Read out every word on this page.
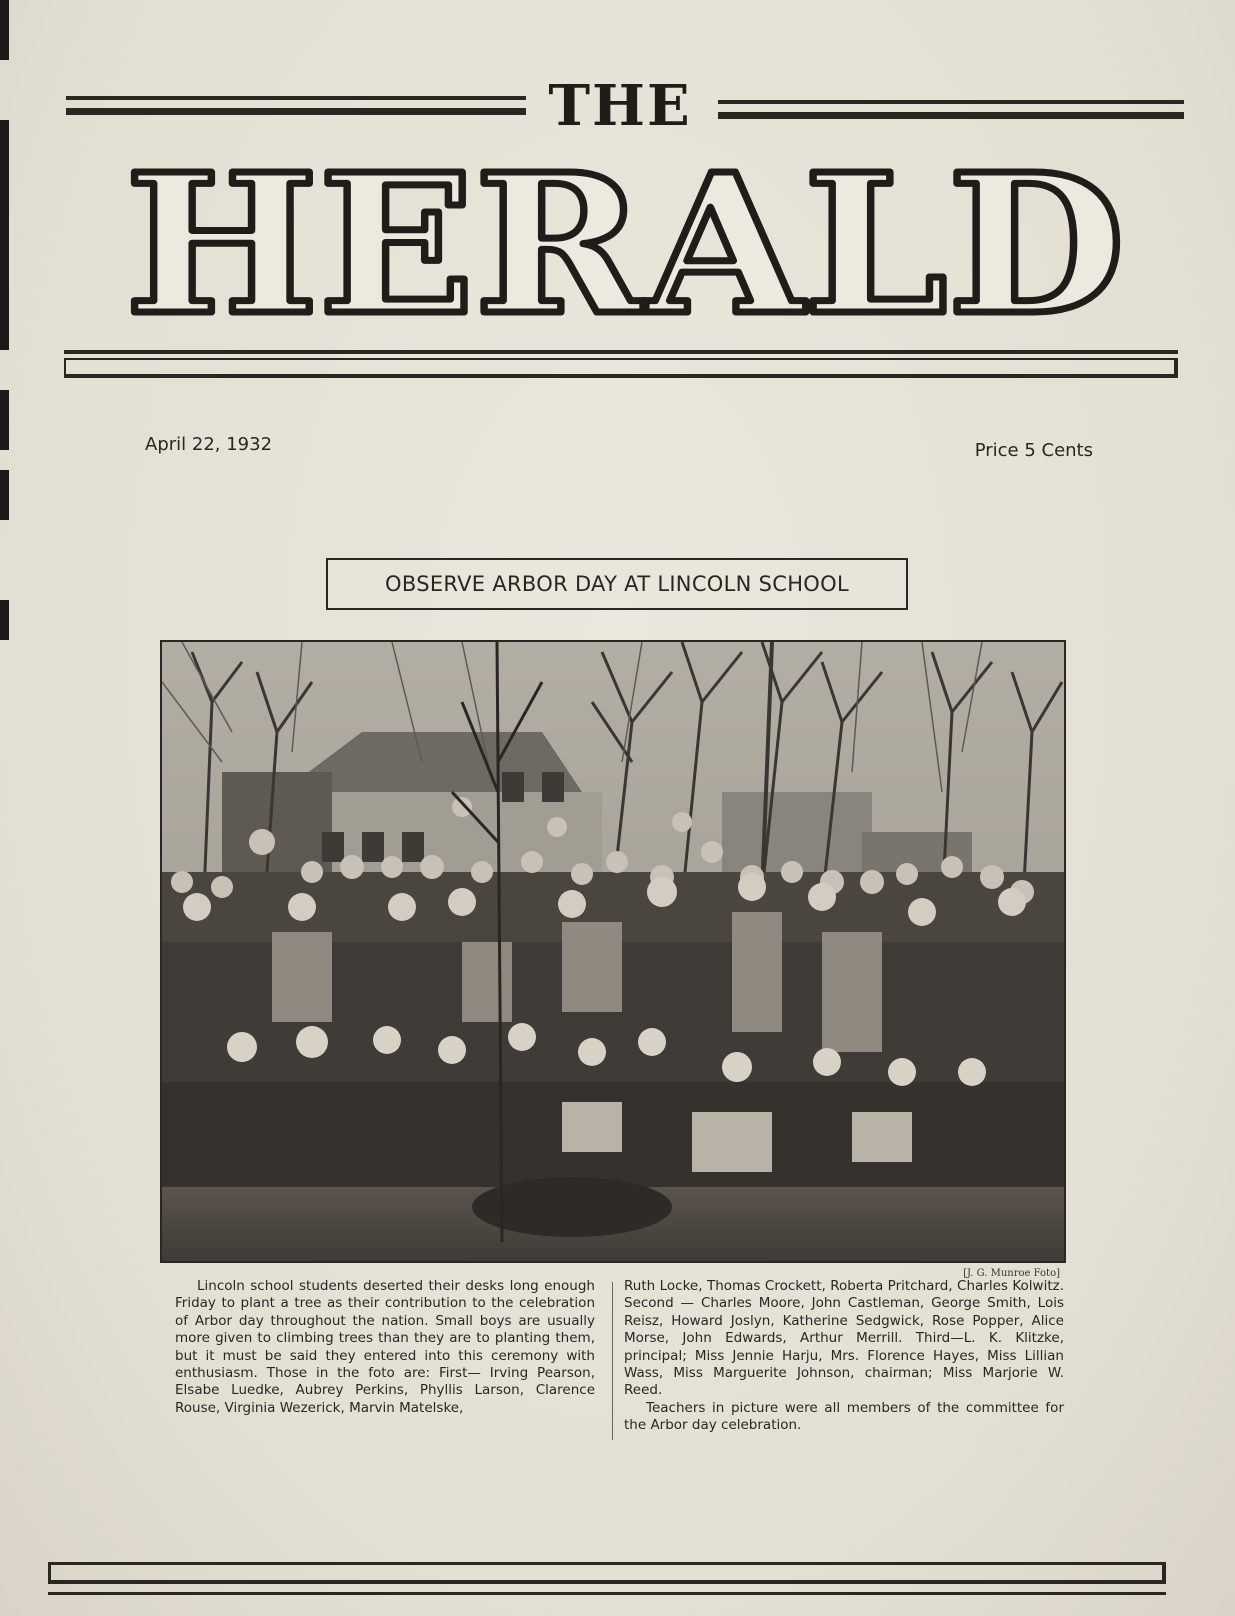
THE
HERALD
April 22, 1932	Price 5 Cents
OBSERVE ARBOR DAY AT LINCOLN SCHOOL
[J. G. Munroe Foto]

Lincoln school students deserted their desks long enough Friday to plant a tree as their contribution to the celebration of Arbor day throughout the nation. Small boys are usually more given to climbing trees than they are to planting them, but it must be said they entered into this ceremony with enthusiasm. Those in the foto are: First— Irving Pearson, Elsabe Luedke, Aubrey Perkins, Phyllis Larson, Clarence Rouse, Virginia Wezerick, Marvin Matelske,

Ruth Locke, Thomas Crockett, Roberta Pritchard, Charles Kolwitz. Second — Charles Moore, John Castleman, George Smith, Lois Reisz, Howard Joslyn, Katherine Sedgwick, Rose Popper, Alice Morse, John Edwards, Arthur Merrill. Third—L. K. Klitzke, principal; Miss Jennie Harju, Mrs. Florence Hayes, Miss Lillian Wass, Miss Marguerite Johnson, chairman; Miss Marjorie W. Reed.

Teachers in picture were all members of the committee for the Arbor day celebration.
